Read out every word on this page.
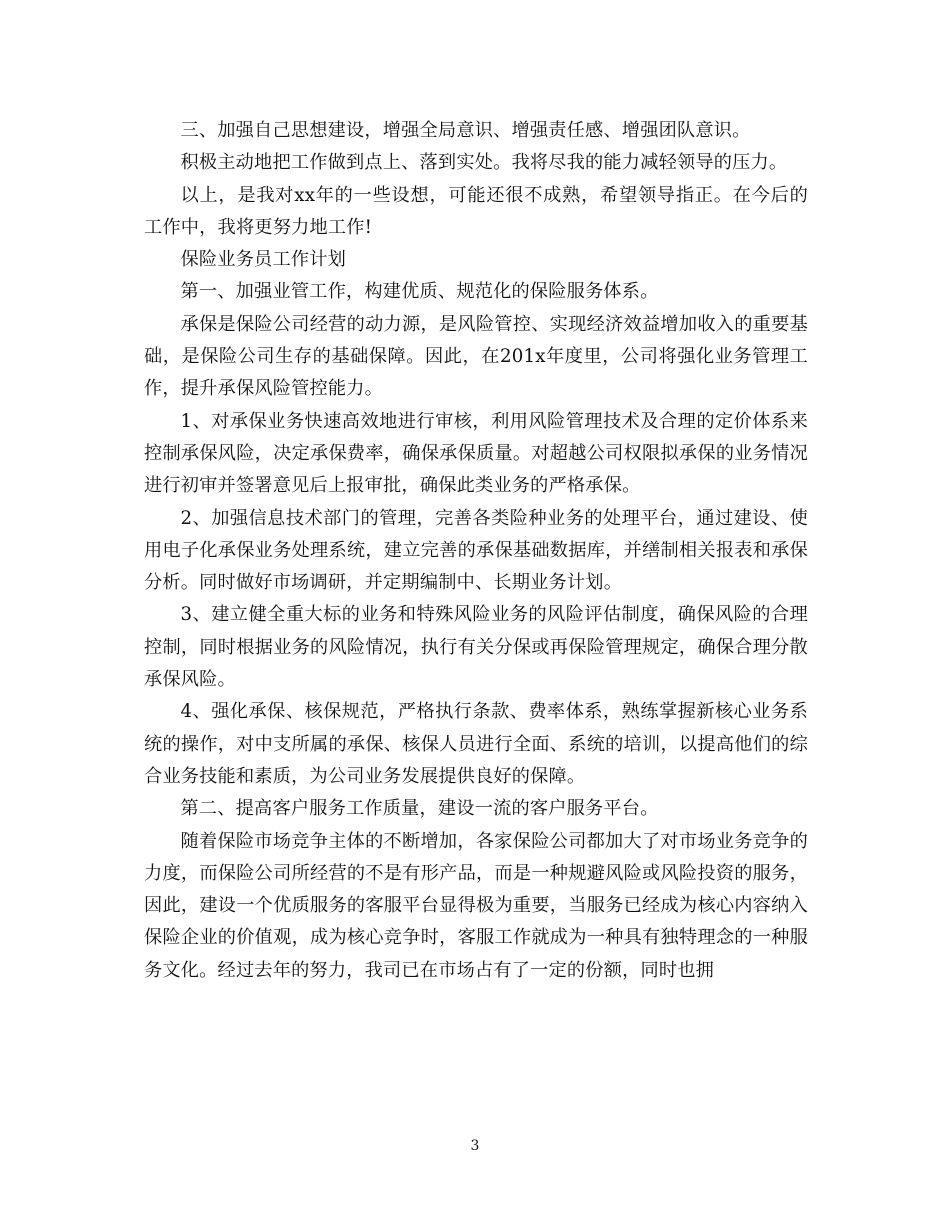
三、加强自己思想建设，增强全局意识、增强责任感、增强团队意识。

积极主动地把工作做到点上、落到实处。我将尽我的能力减轻领导的压力。

以上，是我对xx年的一些设想，可能还很不成熟，希望领导指正。在今后的工作中，我将更努力地工作!

保险业务员工作计划

第一、加强业管工作，构建优质、规范化的保险服务体系。

承保是保险公司经营的动力源，是风险管控、实现经济效益增加收入的重要基础，是保险公司生存的基础保障。因此，在201x年度里，公司将强化业务管理工作，提升承保风险管控能力。

1、对承保业务快速高效地进行审核，利用风险管理技术及合理的定价体系来控制承保风险，决定承保费率，确保承保质量。对超越公司权限拟承保的业务情况进行初审并签署意见后上报审批，确保此类业务的严格承保。

2、加强信息技术部门的管理，完善各类险种业务的处理平台，通过建设、使用电子化承保业务处理系统，建立完善的承保基础数据库，并缮制相关报表和承保分析。同时做好市场调研，并定期编制中、长期业务计划。

3、建立健全重大标的业务和特殊风险业务的风险评估制度，确保风险的合理控制，同时根据业务的风险情况，执行有关分保或再保险管理规定，确保合理分散承保风险。

4、强化承保、核保规范，严格执行条款、费率体系，熟练掌握新核心业务系统的操作，对中支所属的承保、核保人员进行全面、系统的培训，以提高他们的综合业务技能和素质，为公司业务发展提供良好的保障。

第二、提高客户服务工作质量，建设一流的客户服务平台。

随着保险市场竞争主体的不断增加，各家保险公司都加大了对市场业务竞争的力度，而保险公司所经营的不是有形产品，而是一种规避风险或风险投资的服务，因此，建设一个优质服务的客服平台显得极为重要，当服务已经成为核心内容纳入保险企业的价值观，成为核心竞争时，客服工作就成为一种具有独特理念的一种服务文化。经过去年的努力，我司已在市场占有了一定的份额，同时也拥

3
